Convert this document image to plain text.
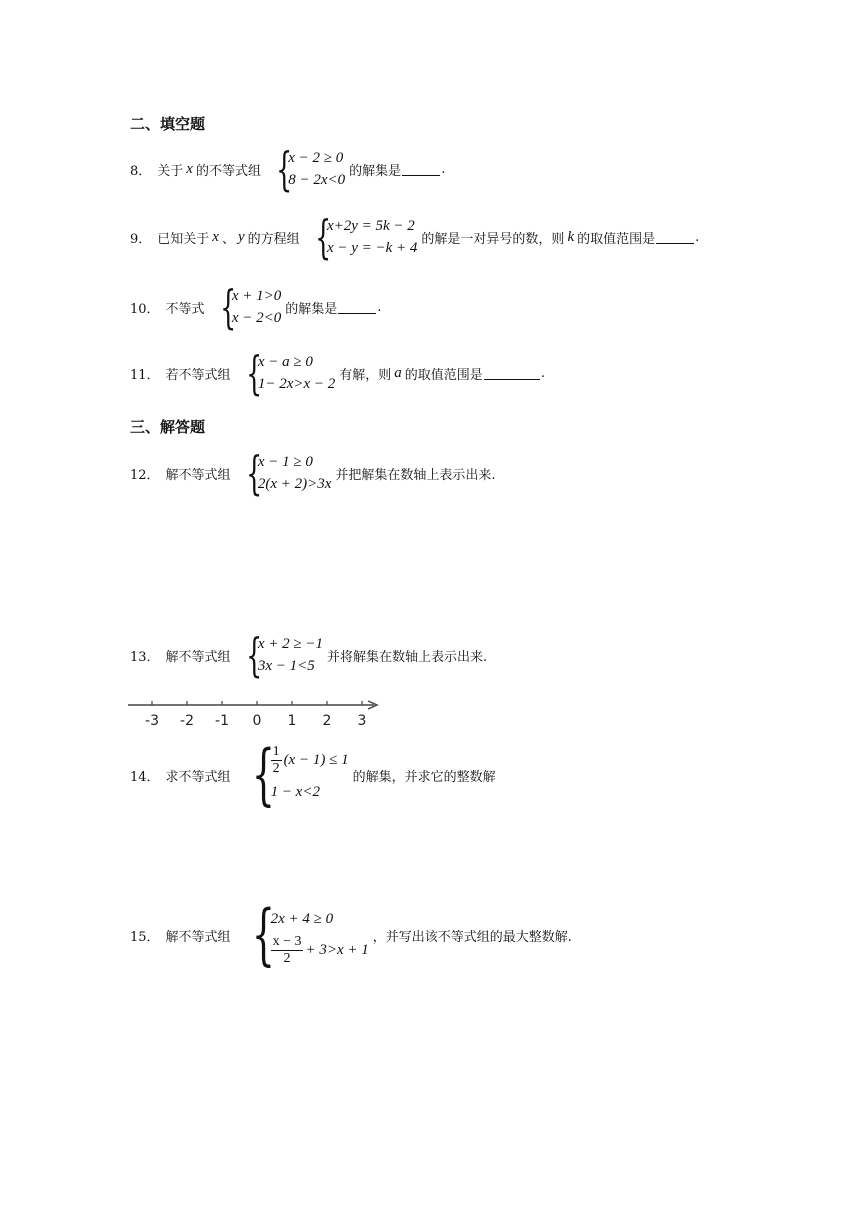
二、填空题
8． 关于 x 的不等式组 {
x − 2 ≥ 0
8 − 2x<0
的解集是	.
9． 已知关于 x 、 y 的方程组 {
x+2y = 5k − 2
x − y = −k + 4
的解是一对异号的数，则 k 的取值范围是	.
10． 不等式 {
x + 1>0
x − 2<0
的解集是	.
11． 若不等式组 {
x − a ≥ 0
1− 2x>x − 2
有解，则 a 的取值范围是	.
三、解答题
12． 解不等式组 {
x − 1 ≥ 0
2(x + 2)>3x
并把解集在数轴上表示出来.
13． 解不等式组 {
x + 2 ≥ −1
3x − 1<5
并将解集在数轴上表示出来.
-3 -2 -1 0 1 2 3
14． 求不等式组 {
$\frac{1}{2} (x - 1) \le 1$
1 − x<2
的解集，并求它的整数解
15． 解不等式组 {
2x + 4 ≥ 0
$\frac{x - 3}{2} + 3>x + 1$
，并写出该不等式组的最大整数解.
